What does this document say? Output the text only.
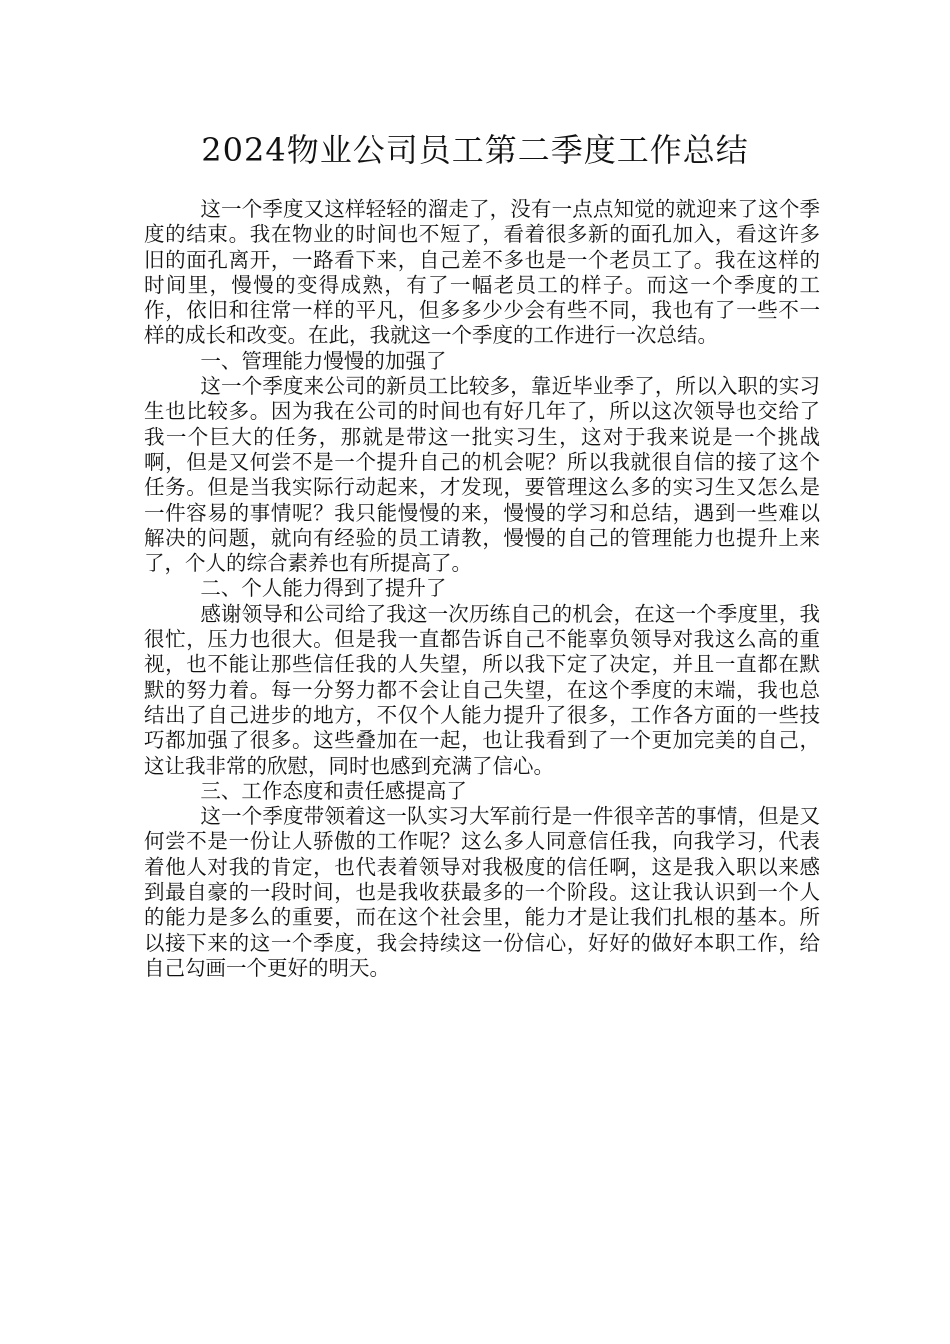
2024物业公司员工第二季度工作总结

这一个季度又这样轻轻的溜走了，没有一点点知觉的就迎来了这个季度的结束。我在物业的时间也不短了，看着很多新的面孔加入，看这许多旧的面孔离开，一路看下来，自己差不多也是一个老员工了。我在这样的时间里，慢慢的变得成熟，有了一幅老员工的样子。而这一个季度的工作，依旧和往常一样的平凡，但多多少少会有些不同，我也有了一些不一样的成长和改变。在此，我就这一个季度的工作进行一次总结。

一、管理能力慢慢的加强了

这一个季度来公司的新员工比较多，靠近毕业季了，所以入职的实习生也比较多。因为我在公司的时间也有好几年了，所以这次领导也交给了我一个巨大的任务，那就是带这一批实习生，这对于我来说是一个挑战啊，但是又何尝不是一个提升自己的机会呢？所以我就很自信的接了这个任务。但是当我实际行动起来，才发现，要管理这么多的实习生又怎么是一件容易的事情呢？我只能慢慢的来，慢慢的学习和总结，遇到一些难以解决的问题，就向有经验的员工请教，慢慢的自己的管理能力也提升上来了，个人的综合素养也有所提高了。

二、个人能力得到了提升了

感谢领导和公司给了我这一次历练自己的机会，在这一个季度里，我很忙，压力也很大。但是我一直都告诉自己不能辜负领导对我这么高的重视，也不能让那些信任我的人失望，所以我下定了决定，并且一直都在默默的努力着。每一分努力都不会让自己失望，在这个季度的末端，我也总结出了自己进步的地方，不仅个人能力提升了很多，工作各方面的一些技巧都加强了很多。这些叠加在一起，也让我看到了一个更加完美的自己，这让我非常的欣慰，同时也感到充满了信心。

三、工作态度和责任感提高了

这一个季度带领着这一队实习大军前行是一件很辛苦的事情，但是又何尝不是一份让人骄傲的工作呢？这么多人同意信任我，向我学习，代表着他人对我的肯定，也代表着领导对我极度的信任啊，这是我入职以来感到最自豪的一段时间，也是我收获最多的一个阶段。这让我认识到一个人的能力是多么的重要，而在这个社会里，能力才是让我们扎根的基本。所以接下来的这一个季度，我会持续这一份信心，好好的做好本职工作，给自己勾画一个更好的明天。
